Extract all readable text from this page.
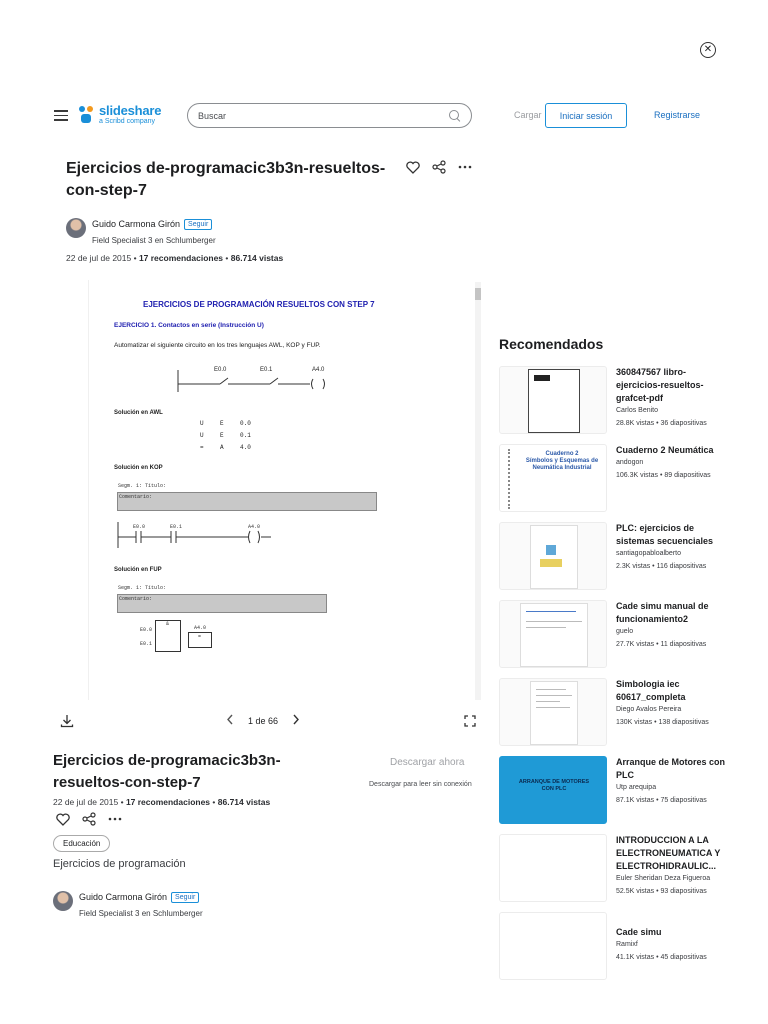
✕
slideshare
a Scribd company
Buscar	Cargar	Iniciar sesión	Registrarse
Ejercicios de-programacic3b3n-resueltos-con-step-7
Guido Carmona Girón Seguir
Field Specialist 3 en Schlumberger
22 de jul de 2015 • 17 recomendaciones • 86.714 vistas
EJERCICIOS DE PROGRAMACIÓN RESUELTOS CON STEP 7
EJERCICIO 1. Contactos en serie (Instrucción U)
Automatizar el siguiente circuito en los tres lenguajes AWL, KOP y FUP.
E0.0	E0.1	A4.0
Solución en AWL
U	E	0.0
U	E	0.1
=	A	4.0
Solución en KOP
Segm. 1: Título:
Comentario:
E0.0	E0.1	A4.0
Solución en FUP
Segm. 1: Título:
Comentario:
&
=
E0.0
E0.1
A4.0
1 de 66
Ejercicios de-programacic3b3n-resueltos-con-step-7
Descargar ahora
Descargar para leer sin conexión
22 de jul de 2015 • 17 recomendaciones • 86.714 vistas
Educación

Ejercicios de programación

Guido Carmona Girón Seguir
Field Specialist 3 en Schlumberger
Recomendados
360847567 libro-ejercicios-resueltos-grafcet-pdf
Carlos Benito
28.8K vistas • 36 diapositivas
Cuaderno 2
Símbolos y Esquemas de
Neumática Industrial
Cuaderno 2 Neumática
andogon
106.3K vistas • 89 diapositivas
PLC: ejercicios de sistemas secuenciales
santiagopabloalberto
2.3K vistas • 116 diapositivas
Cade simu manual de funcionamiento2
guelo
27.7K vistas • 11 diapositivas
Simbologia iec 60617_completa
Diego Avalos Pereira
130K vistas • 138 diapositivas
ARRANQUE DE MOTORES
CON PLC
Arranque de Motores con PLC
Utp arequipa
87.1K vistas • 75 diapositivas
INTRODUCCION A LA ELECTRONEUMATICA Y ELECTROHIDRAULIC...
Euler Sheridan Deza Figueroa
52.5K vistas • 93 diapositivas
Cade simu
Ramixf
41.1K vistas • 45 diapositivas
